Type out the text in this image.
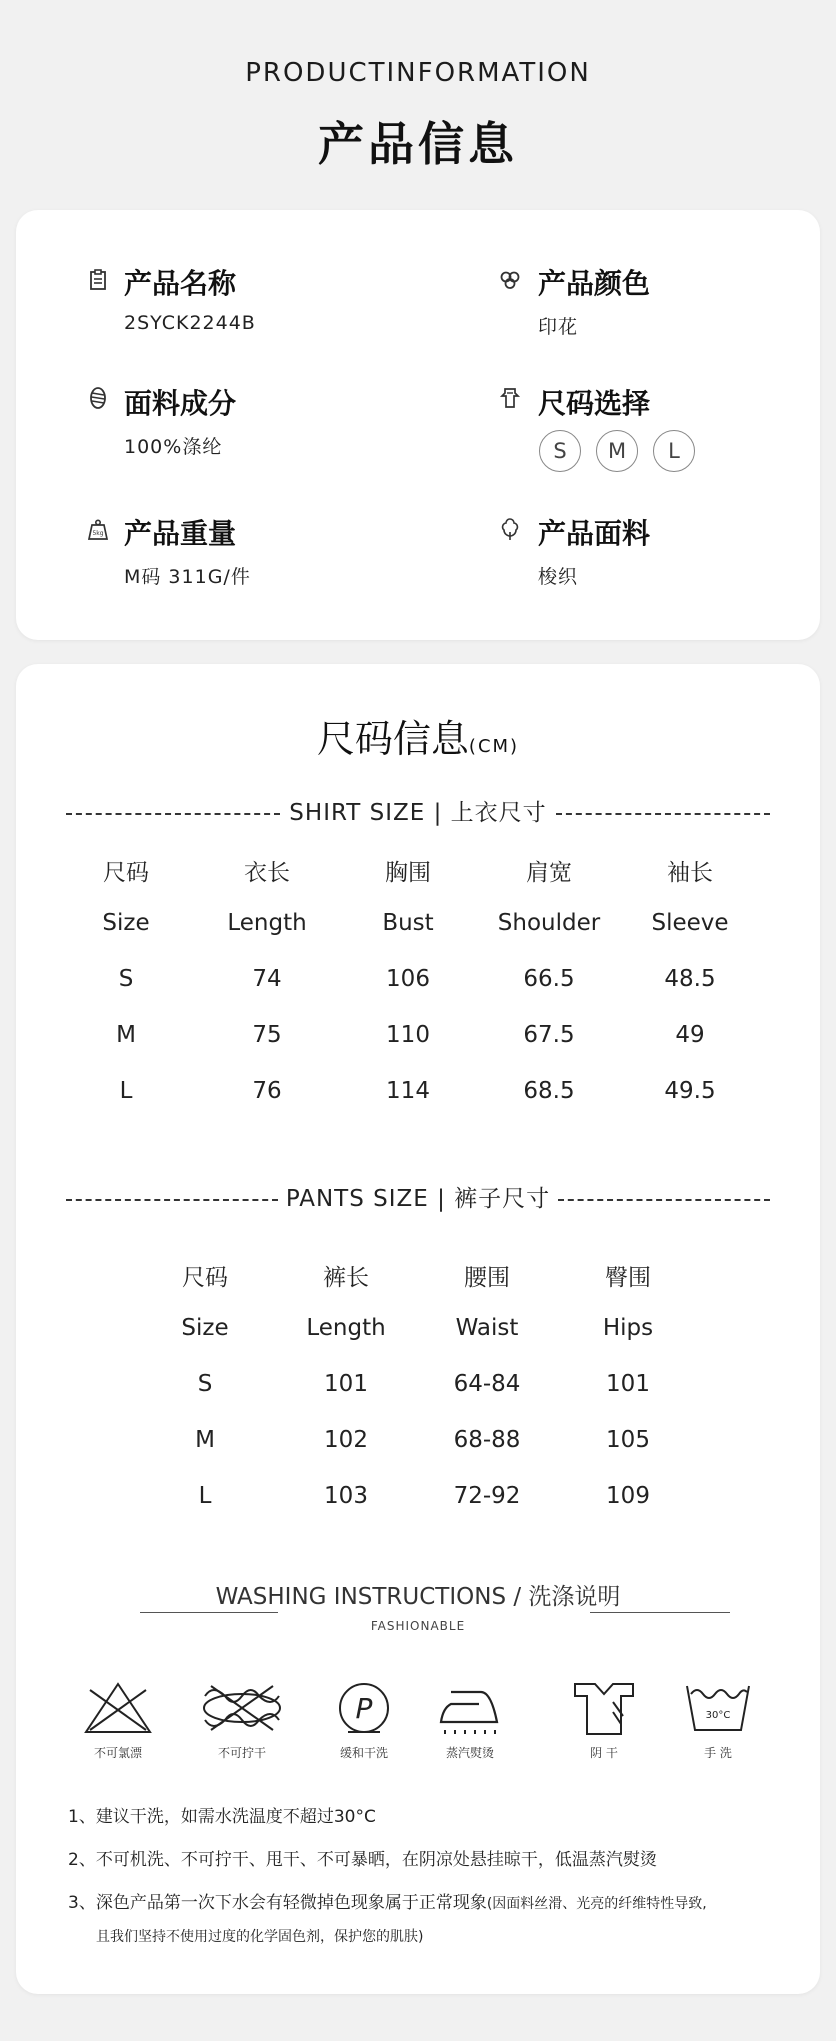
PRODUCTINFORMATION
产品信息
产品名称
2SYCK2244B
产品颜色
印花
面料成分
100%涤纶
尺码选择
S	M	L
5kg 产品重量
M码 311G/件
产品面料
梭织
尺码信息(CM)
SHIRT SIZE | 上衣尺寸
尺码	衣长	胸围	肩宽	袖长
Size	Length	Bust	Shoulder	Sleeve
S	74	106	66.5	48.5
M	75	110	67.5	49
L	76	114	68.5	49.5
PANTS SIZE | 裤子尺寸
尺码	裤长	腰围	臀围
Size	Length	Waist	Hips
S	101	64-84	101
M	102	68-88	105
L	103	72-92	109
WASHING INSTRUCTIONS / 洗涤说明
FASHIONABLE
不可氯漂	不可拧干
P
缓和干洗	蒸汽熨烫	阴 干
30°C
手 洗
1、建议干洗，如需水洗温度不超过30°C
2、不可机洗、不可拧干、甩干、不可暴晒，在阴凉处悬挂晾干，低温蒸汽熨烫
3、深色产品第一次下水会有轻微掉色现象属于正常现象(因面料丝滑、光亮的纤维特性导致,
且我们坚持不使用过度的化学固色剂，保护您的肌肤)
